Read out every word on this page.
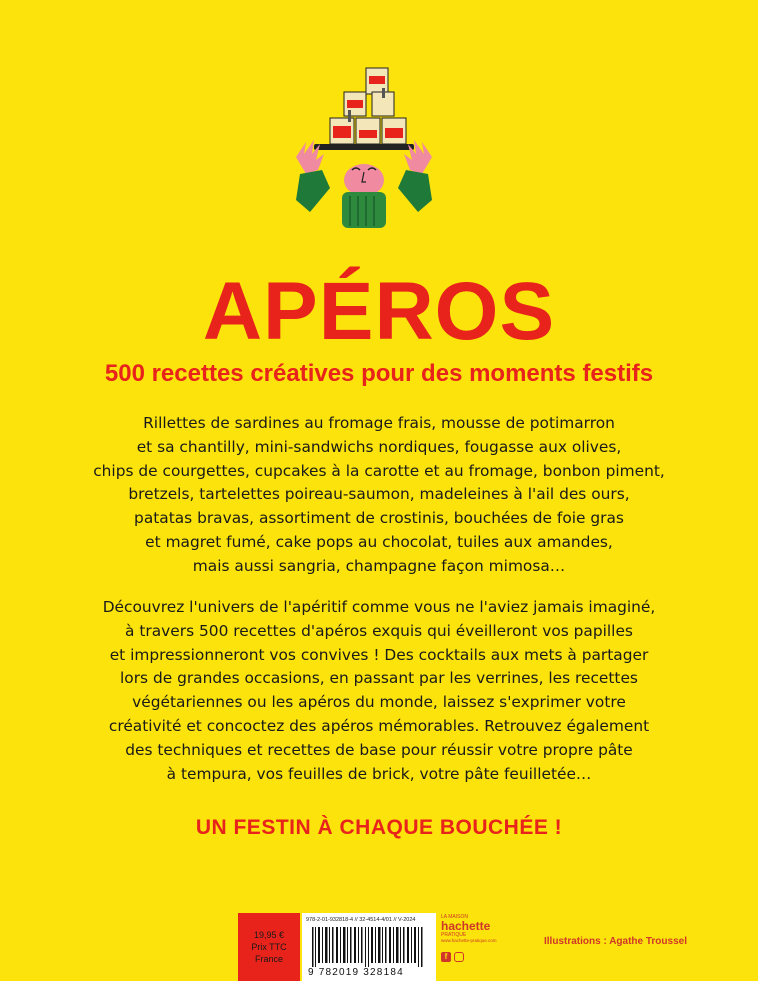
APÉROS
500 recettes créatives pour des moments festifs
Rillettes de sardines au fromage frais, mousse de potimarron
et sa chantilly, mini-sandwichs nordiques, fougasse aux olives,
chips de courgettes, cupcakes à la carotte et au fromage, bonbon piment,
bretzels, tartelettes poireau-saumon, madeleines à l'ail des ours,
patatas bravas, assortiment de crostinis, bouchées de foie gras
et magret fumé, cake pops au chocolat, tuiles aux amandes,
mais aussi sangria, champagne façon mimosa…
Découvrez l'univers de l'apéritif comme vous ne l'aviez jamais imaginé,
à travers 500 recettes d'apéros exquis qui éveilleront vos papilles
et impressionneront vos convives ! Des cocktails aux mets à partager
lors de grandes occasions, en passant par les verrines, les recettes
végétariennes ou les apéros du monde, laissez s'exprimer votre
créativité et concoctez des apéros mémorables. Retrouvez également
des techniques et recettes de base pour réussir votre propre pâte
à tempura, vos feuilles de brick, votre pâte feuilletée…
UN FESTIN À CHAQUE BOUCHÉE !
19,95 €
Prix TTC
France
978-2-01-932818-4 // 32-4514-4/01 // V-2024
9 782019 328184
LA MAISON
hachette
PRATIQUE
www.hachette-pratique.com
f
Illustrations : Agathe Troussel
